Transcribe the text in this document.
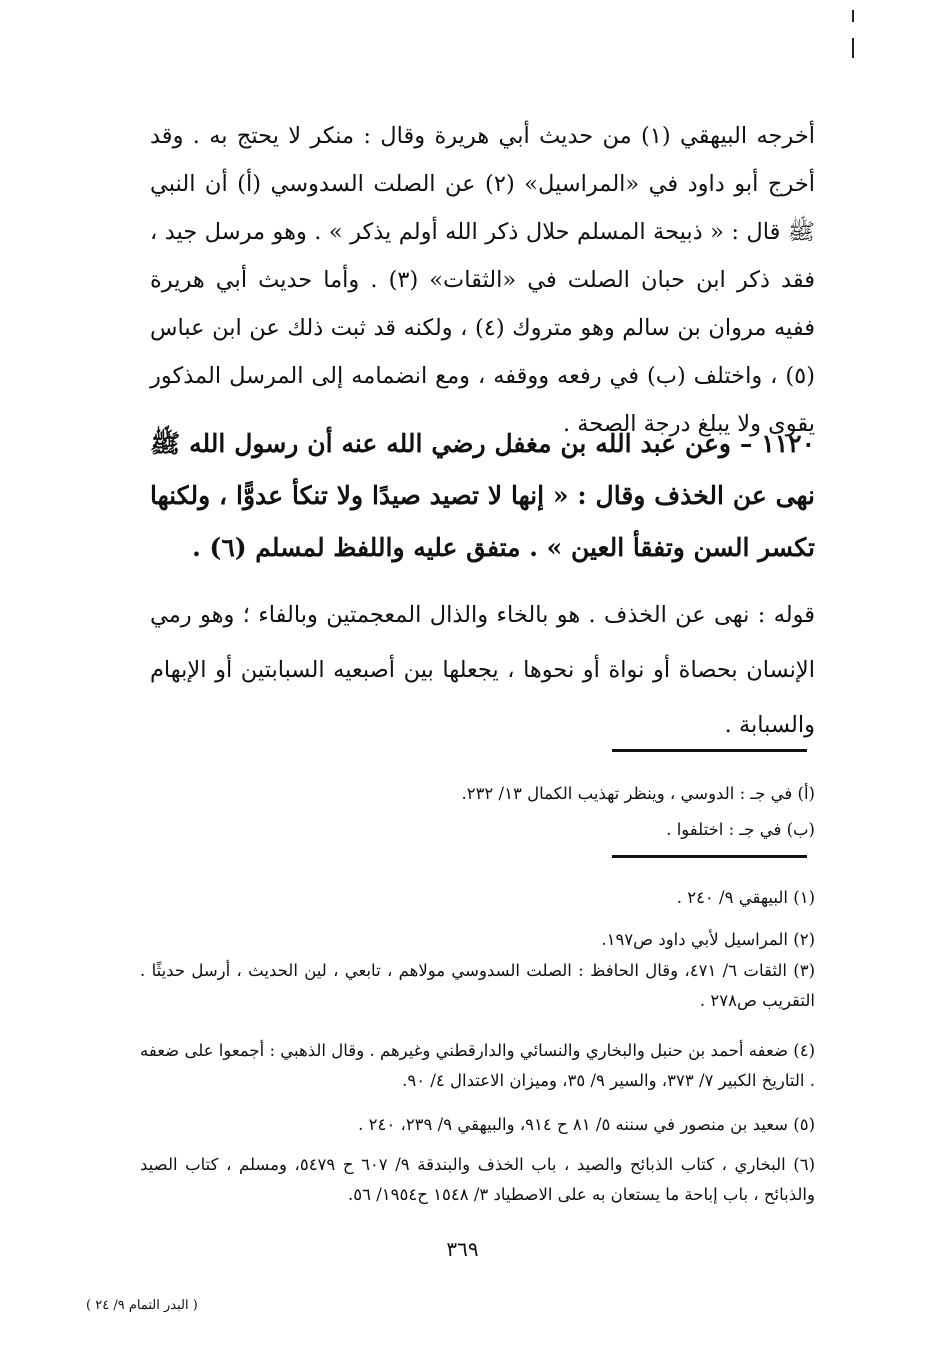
أخرجه البيهقي (١) من حديث أبي هريرة وقال : منكر لا يحتج به . وقد أخرج أبو داود في «المراسيل» (٢) عن الصلت السدوسي (أ) أن النبي ﷺ قال : « ذبيحة المسلم حلال ذكر الله أولم يذكر » . وهو مرسل جيد ، فقد ذكر ابن حبان الصلت في «الثقات» (٣) . وأما حديث أبي هريرة ففيه مروان بن سالم وهو متروك (٤) ، ولكنه قد ثبت ذلك عن ابن عباس (٥) ، واختلف (ب) في رفعه ووقفه ، ومع انضمامه إلى المرسل المذكور يقوى ولا يبلغ درجة الصحة .
١١٢٠ – وعن عبد الله بن مغفل رضي الله عنه أن رسول الله ﷺ نهى عن الخذف وقال : « إنها لا تصيد صيدًا ولا تنكأ عدوًّا ، ولكنها تكسر السن وتفقأ العين » . متفق عليه واللفظ لمسلم (٦) .
قوله : نهى عن الخذف . هو بالخاء والذال المعجمتين وبالفاء ؛ وهو رمي الإنسان بحصاة أو نواة أو نحوها ، يجعلها بين أصبعيه السبابتين أو الإبهام والسبابة .
(أ) في جـ : الدوسي ، وينظر تهذيب الكمال ١٣/ ٢٣٢.
(ب) في جـ : اختلفوا .
(١) البيهقي ٩/ ٢٤٠ .
(٢) المراسيل لأبي داود ص١٩٧.
(٣) الثقات ٦/ ٤٧١، وقال الحافظ : الصلت السدوسي مولاهم ، تابعي ، لين الحديث ، أرسل حديثًا . التقريب ص٢٧٨ .
(٤) ضعفه أحمد بن حنبل والبخاري والنسائي والدارقطني وغيرهم . وقال الذهبي : أجمعوا على ضعفه . التاريخ الكبير ٧/ ٣٧٣، والسير ٩/ ٣٥، وميزان الاعتدال ٤/ ٩٠.
(٥) سعيد بن منصور في سننه ٥/ ٨١ ح ٩١٤، والبيهقي ٩/ ٢٣٩، ٢٤٠ .
(٦) البخاري ، كتاب الذبائح والصيد ، باب الخذف والبندقة ٩/ ٦٠٧ ح ٥٤٧٩، ومسلم ، كتاب الصيد والذبائح ، باب إباحة ما يستعان به على الاصطياد ٣/ ١٥٤٨ ح١٩٥٤/ ٥٦.
٣٦٩
( البدر التمام ٩/ ٢٤ )
